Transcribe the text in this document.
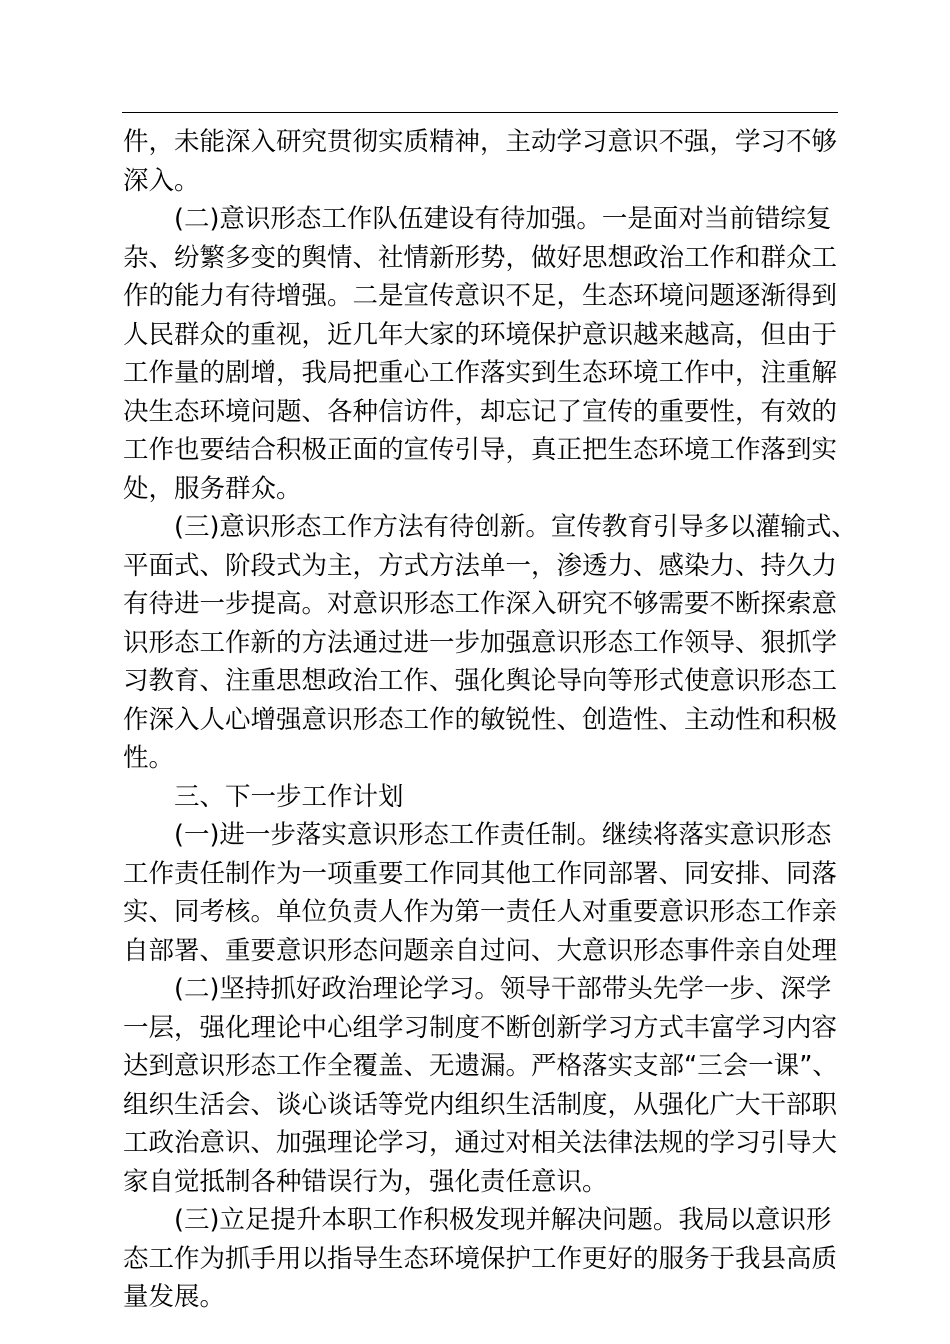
件，未能深入研究贯彻实质精神，主动学习意识不强，学习不够
深入。
(二)意识形态工作队伍建设有待加强。一是面对当前错综复
杂、纷繁多变的舆情、社情新形势，做好思想政治工作和群众工
作的能力有待增强。二是宣传意识不足，生态环境问题逐渐得到
人民群众的重视，近几年大家的环境保护意识越来越高，但由于
工作量的剧增，我局把重心工作落实到生态环境工作中，注重解
决生态环境问题、各种信访件，却忘记了宣传的重要性，有效的
工作也要结合积极正面的宣传引导，真正把生态环境工作落到实
处，服务群众。
(三)意识形态工作方法有待创新。宣传教育引导多以灌输式、
平面式、阶段式为主，方式方法单一，渗透力、感染力、持久力
有待进一步提高。对意识形态工作深入研究不够需要不断探索意
识形态工作新的方法通过进一步加强意识形态工作领导、狠抓学
习教育、注重思想政治工作、强化舆论导向等形式使意识形态工
作深入人心增强意识形态工作的敏锐性、创造性、主动性和积极
性。
三、下一步工作计划
(一)进一步落实意识形态工作责任制。继续将落实意识形态
工作责任制作为一项重要工作同其他工作同部署、同安排、同落
实、同考核。单位负责人作为第一责任人对重要意识形态工作亲
自部署、重要意识形态问题亲自过问、大意识形态事件亲自处理
(二)坚持抓好政治理论学习。领导干部带头先学一步、深学
一层，强化理论中心组学习制度不断创新学习方式丰富学习内容
达到意识形态工作全覆盖、无遗漏。严格落实支部“三会一课”、
组织生活会、谈心谈话等党内组织生活制度，从强化广大干部职
工政治意识、加强理论学习，通过对相关法律法规的学习引导大
家自觉抵制各种错误行为，强化责任意识。
(三)立足提升本职工作积极发现并解决问题。我局以意识形
态工作为抓手用以指导生态环境保护工作更好的服务于我县高质
量发展。
